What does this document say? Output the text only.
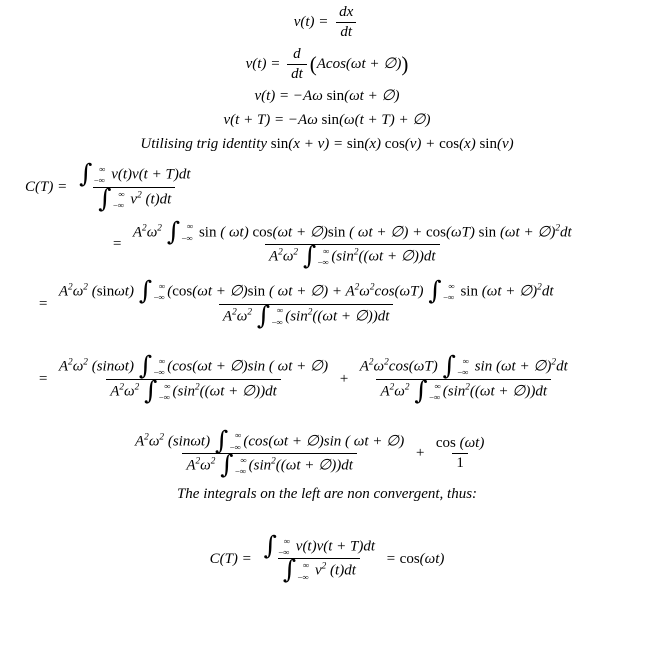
$v(t) = \frac{dx}{dt}$
$v(t) = \frac{d}{dt}$ ( Acos(ωt + ∅) )
v(t) = −Aω sin (ωt + ∅)
v(t + T) = −Aω sin (ω(t + T) + ∅)
Utilising trig identity sin (x + v) = sin (x) cos (v) + cos (x) sin (v)
C(T) = ∫ ∞
−∞ v(t)v(t + T)dt
∫ ∞
−∞ $v^2$ (t)dt
=
$A^2\omega^2$ ∫ ∞
−∞ sin ( ωt) cos(ωt + ∅)sin ( ωt + ∅) + cos(ωT) sin (ωt + ∅)$^2$dt
$A^2\omega^2$ ∫ ∞
−∞ ($\sin^2((\omega t$ + ∅))dt
=
$A^2\omega^2$ (sinωt) ∫ ∞
−∞ (cos(ωt + ∅)sin ( ωt + ∅) + $A^2\omega^2\cos(\omega T)$ ∫ ∞
−∞ sin (ωt + ∅)$^2$dt
$A^2\omega^2$ ∫ ∞
−∞ ($\sin^2((\omega t$ + ∅))dt
= $A^2\omega^2$ (sinωt) ∫ ∞
−∞ (cos(ωt + ∅)sin ( ωt + ∅)
$A^2\omega^2$ ∫ ∞
−∞ ($\sin^2((\omega t$ + ∅))dt + $A^2\omega^2\cos(\omega T)$ ∫ ∞
−∞ sin (ωt + ∅)$^2$dt
$A^2\omega^2$ ∫ ∞
−∞ ($\sin^2((\omega t$ + ∅))dt
$A^2\omega^2$ (sinωt) ∫ ∞
−∞ (cos(ωt + ∅)sin ( ωt + ∅)
$A^2\omega^2$ ∫ ∞
−∞ ($\sin^2((\omega t$ + ∅))dt + $\frac{\cos (\omega t)}{1}$
The integrals on the left are non convergent, thus:
C(T) = ∫ ∞
−∞ v(t)v(t + T)dt
∫ ∞
−∞ $v^2$ (t)dt = cos (ωt)
